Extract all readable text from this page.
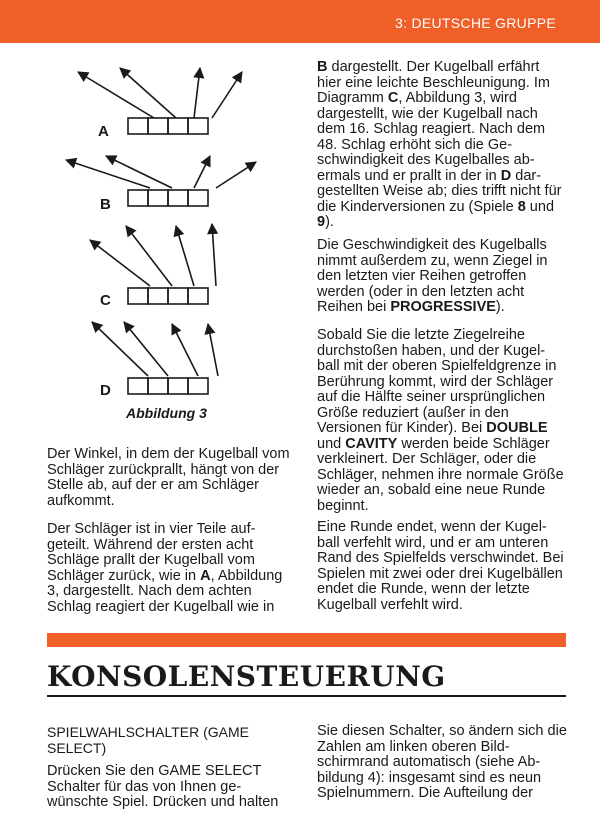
3: DEUTSCHE GRUPPE
A
B
C
D
Abbildung 3

Der Winkel, in dem der Kugelball vom Schläger zurückprallt, hängt von der Stelle ab, auf der er am Schläger aufkommt.

Der Schläger ist in vier Teile auf-geteilt. Während der ersten acht Schläge prallt der Kugelball vom Schläger zurück, wie in A, Abbildung 3, dargestellt. Nach dem achten Schlag reagiert der Kugelball wie in

B dargestellt. Der Kugelball erfährt hier eine leichte Beschleunigung. Im Diagramm C, Abbildung 3, wird dargestellt, wie der Kugelball nach dem 16. Schlag reagiert. Nach dem 48. Schlag erhöht sich die Ge-schwindigkeit des Kugelballes ab-ermals und er prallt in der in D dar-gestellten Weise ab; dies trifft nicht für die Kinderversionen zu (Spiele 8 und 9).

Die Geschwindigkeit des Kugelballs nimmt außerdem zu, wenn Ziegel in den letzten vier Reihen getroffen werden (oder in den letzten acht Reihen bei PROGRESSIVE).

Sobald Sie die letzte Ziegelreihe durchstoßen haben, und der Kugel-ball mit der oberen Spielfeldgrenze in Berührung kommt, wird der Schläger auf die Hälfte seiner ursprünglichen Größe reduziert (außer in den Versionen für Kinder). Bei DOUBLE und CAVITY werden beide Schläger verkleinert. Der Schläger, oder die Schläger, nehmen ihre normale Größe wieder an, sobald eine neue Runde beginnt.

Eine Runde endet, wenn der Kugel-ball verfehlt wird, und er am unteren Rand des Spielfelds verschwindet. Bei Spielen mit zwei oder drei Kugelbällen endet die Runde, wenn der letzte Kugelball verfehlt wird.

KONSOLENSTEUERUNG
SPIELWAHLSCHALTER (GAME SELECT)

Drücken Sie den GAME SELECT Schalter für das von Ihnen ge-wünschte Spiel. Drücken und halten

Sie diesen Schalter, so ändern sich die Zahlen am linken oberen Bild-schirmrand automatisch (siehe Ab-bildung 4): insgesamt sind es neun Spielnummern. Die Aufteilung der
